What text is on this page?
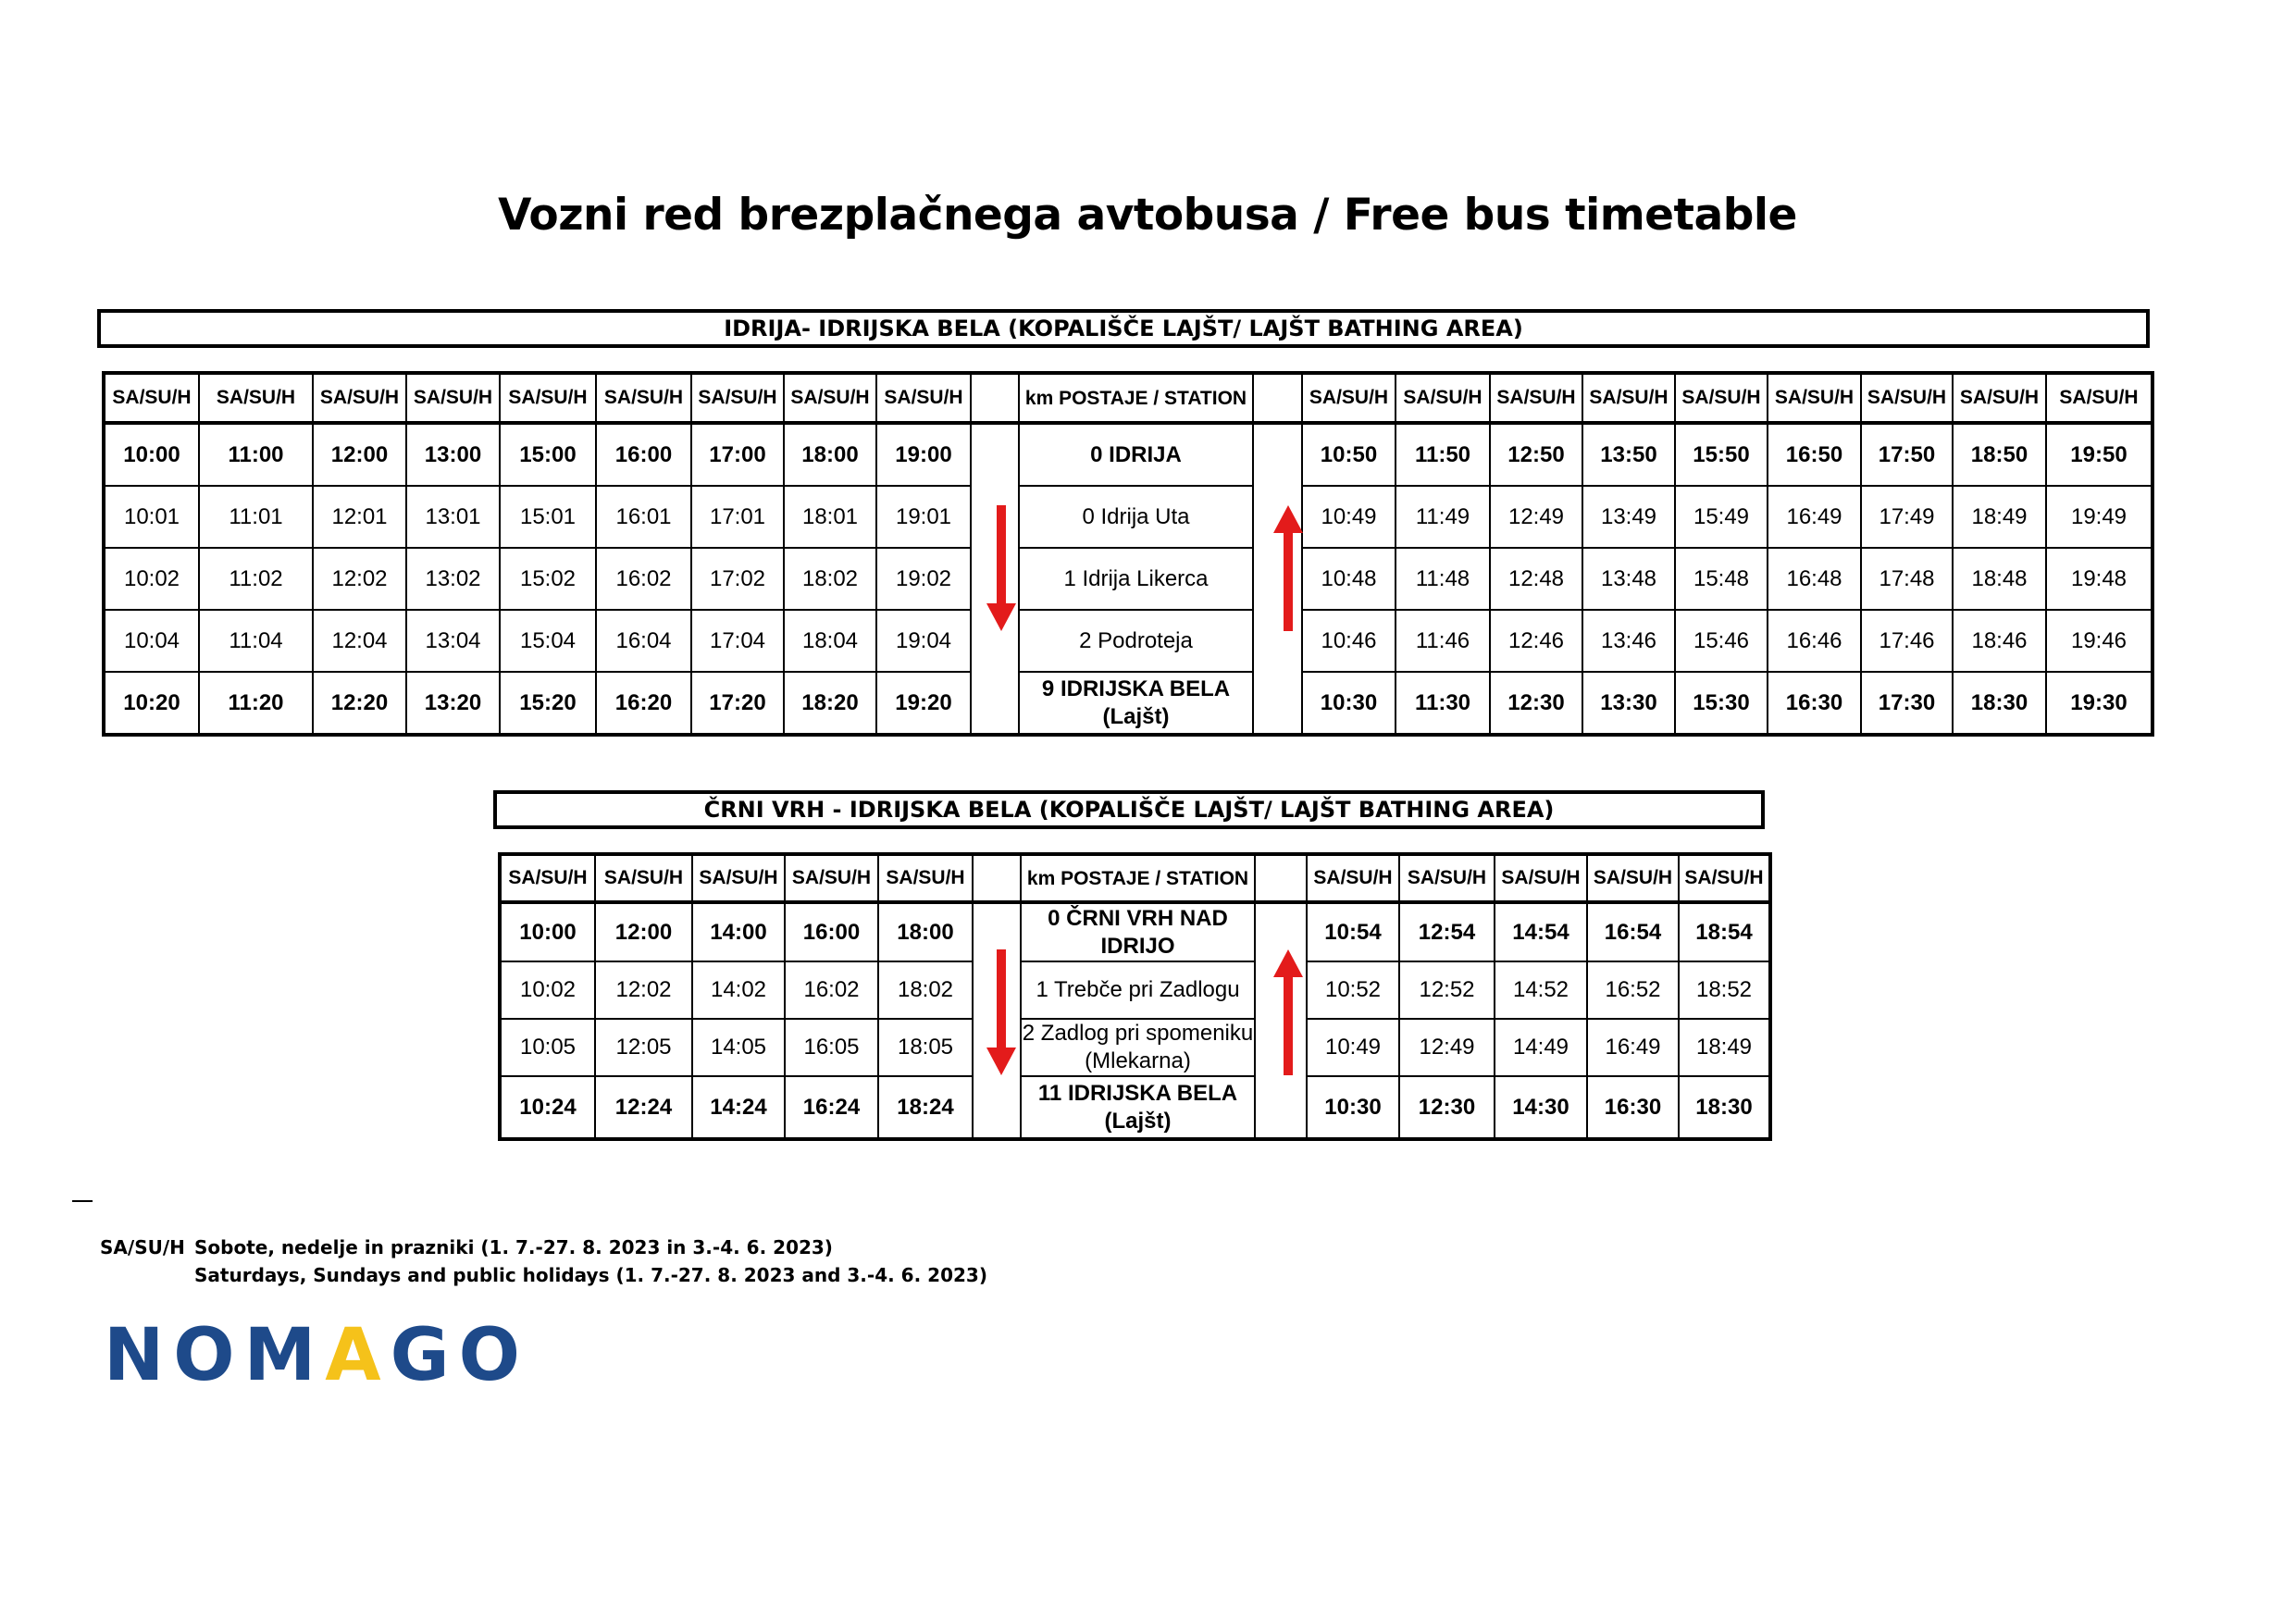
Vozni red brezplačnega avtobusa / Free bus timetable
IDRIJA- IDRIJSKA BELA (KOPALIŠČE LAJŠT/ LAJŠT BATHING AREA)
SA/SU/H	SA/SU/H	SA/SU/H	SA/SU/H	SA/SU/H	SA/SU/H	SA/SU/H	SA/SU/H	SA/SU/H		km POSTAJE / STATION		SA/SU/H	SA/SU/H	SA/SU/H	SA/SU/H	SA/SU/H	SA/SU/H	SA/SU/H	SA/SU/H	SA/SU/H
10:00	11:00	12:00	13:00	15:00	16:00	17:00	18:00	19:00		0 IDRIJA		10:50	11:50	12:50	13:50	15:50	16:50	17:50	18:50	19:50
10:01	11:01	12:01	13:01	15:01	16:01	17:01	18:01	19:01		0 Idrija Uta		10:49	11:49	12:49	13:49	15:49	16:49	17:49	18:49	19:49
10:02	11:02	12:02	13:02	15:02	16:02	17:02	18:02	19:02		1 Idrija Likerca		10:48	11:48	12:48	13:48	15:48	16:48	17:48	18:48	19:48
10:04	11:04	12:04	13:04	15:04	16:04	17:04	18:04	19:04		2 Podroteja		10:46	11:46	12:46	13:46	15:46	16:46	17:46	18:46	19:46
10:20	11:20	12:20	13:20	15:20	16:20	17:20	18:20	19:20		9 IDRIJSKA BELA (Lajšt)		10:30	11:30	12:30	13:30	15:30	16:30	17:30	18:30	19:30
ČRNI VRH - IDRIJSKA BELA (KOPALIŠČE LAJŠT/ LAJŠT BATHING AREA)
SA/SU/H	SA/SU/H	SA/SU/H	SA/SU/H	SA/SU/H		km POSTAJE / STATION		SA/SU/H	SA/SU/H	SA/SU/H	SA/SU/H	SA/SU/H
10:00	12:00	14:00	16:00	18:00		0 ČRNI VRH NAD IDRIJO		10:54	12:54	14:54	16:54	18:54
10:02	12:02	14:02	16:02	18:02		1 Trebče pri Zadlogu		10:52	12:52	14:52	16:52	18:52
10:05	12:05	14:05	16:05	18:05		2 Zadlog pri spomeniku (Mlekarna)		10:49	12:49	14:49	16:49	18:49
10:24	12:24	14:24	16:24	18:24		11 IDRIJSKA BELA (Lajšt)		10:30	12:30	14:30	16:30	18:30
SA/SU/H Sobote, nedelje in prazniki (1. 7.-27. 8. 2023 in 3.-4. 6. 2023)
Saturdays, Sundays and public holidays (1. 7.-27. 8. 2023 and 3.-4. 6. 2023)
NOMAGO
